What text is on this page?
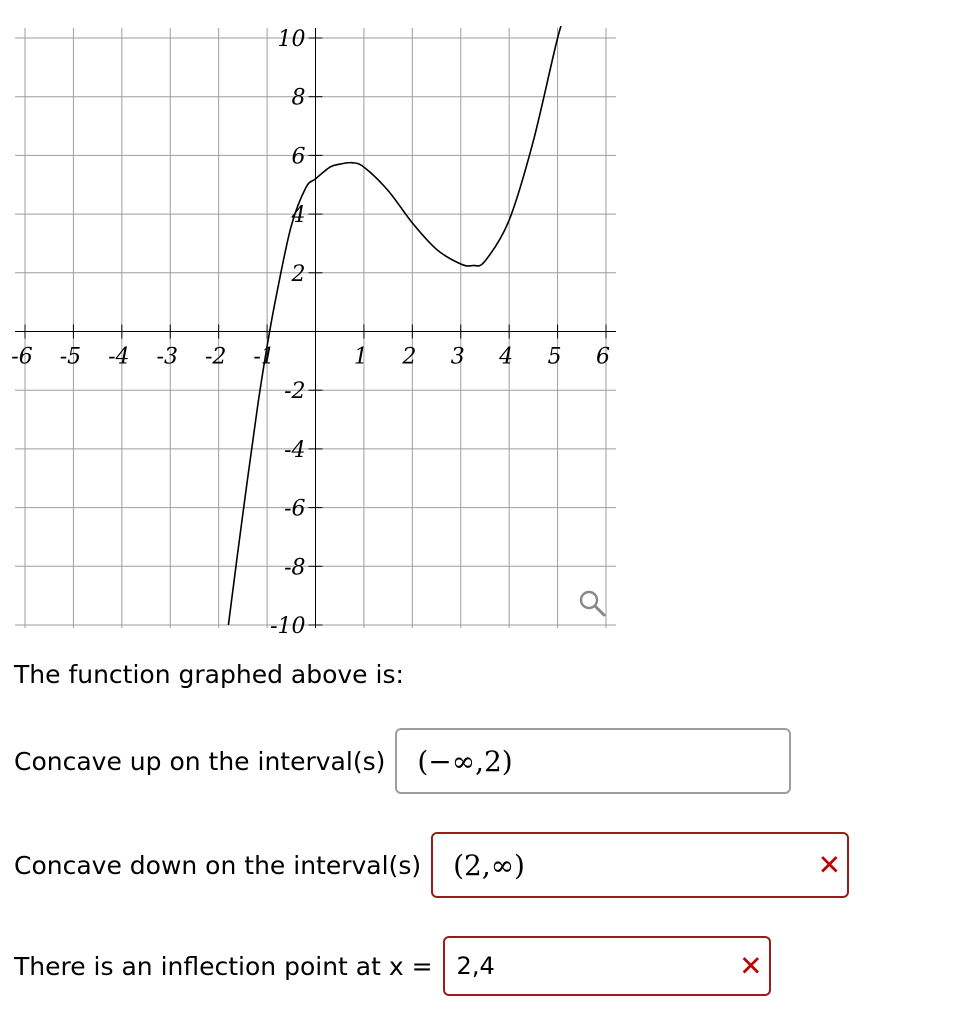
-6 -5 -4 -3 -2 -1	1 2 3 4 5 6
10
8
6
4
2
-2
-4
-6
-8
-10
The function graphed above is:
Concave up on the interval(s) (−∞,2)
Concave down on the interval(s) (2,∞)	✕
There is an inflection point at x = 2,4	✕
